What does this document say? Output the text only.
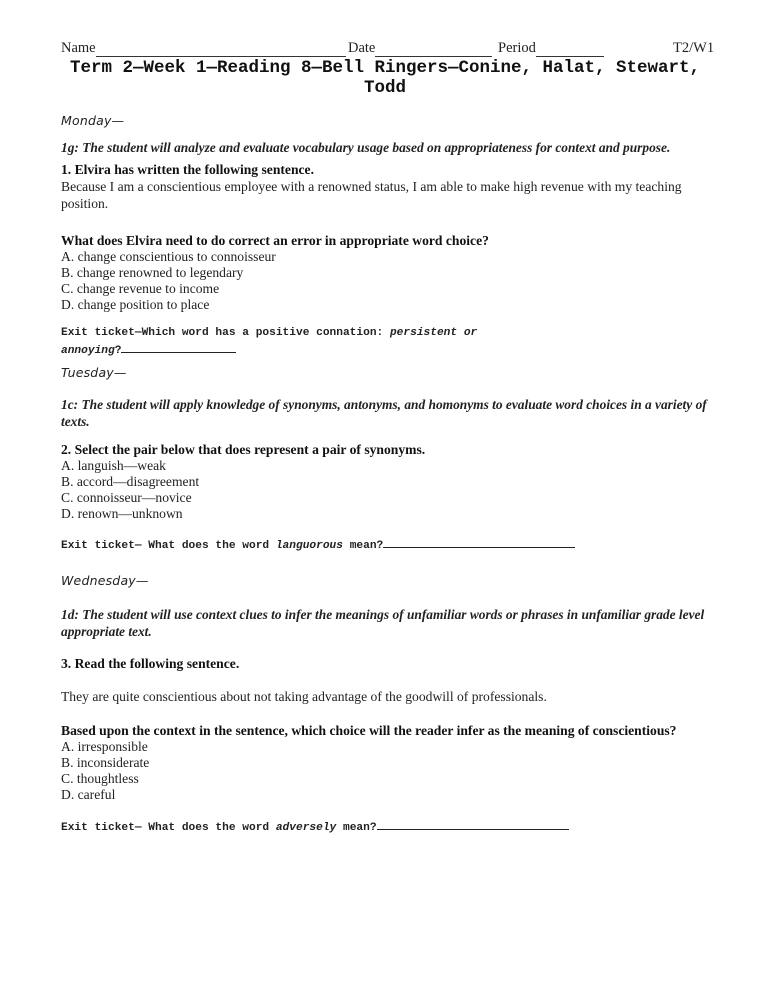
Name	Date	Period	T2/W1
Term 2—Week 1—Reading 8—Bell Ringers—Conine, Halat, Stewart,
Todd
Monday—
1g: The student will analyze and evaluate vocabulary usage based on appropriateness for context and purpose.
1. Elvira has written the following sentence.
Because I am a conscientious employee with a renowned status, I am able to make high revenue with my teaching position.
What does Elvira need to do correct an error in appropriate word choice?
A. change conscientious to connoisseur
B. change renowned to legendary
C. change revenue to income
D. change position to place
Exit ticket—Which word has a positive connation: persistent or annoying?
Tuesday—
1c: The student will apply knowledge of synonyms, antonyms, and homonyms to evaluate word choices in a variety of texts.
2. Select the pair below that does represent a pair of synonyms.
A. languish—weak
B. accord—disagreement
C. connoisseur—novice
D. renown—unknown
Exit ticket— What does the word languorous mean?
Wednesday—
1d: The student will use context clues to infer the meanings of unfamiliar words or phrases in unfamiliar grade level appropriate text.
3. Read the following sentence.
They are quite conscientious about not taking advantage of the goodwill of professionals.
Based upon the context in the sentence, which choice will the reader infer as the meaning of conscientious?
A. irresponsible
B. inconsiderate
C. thoughtless
D. careful
Exit ticket— What does the word adversely mean?
